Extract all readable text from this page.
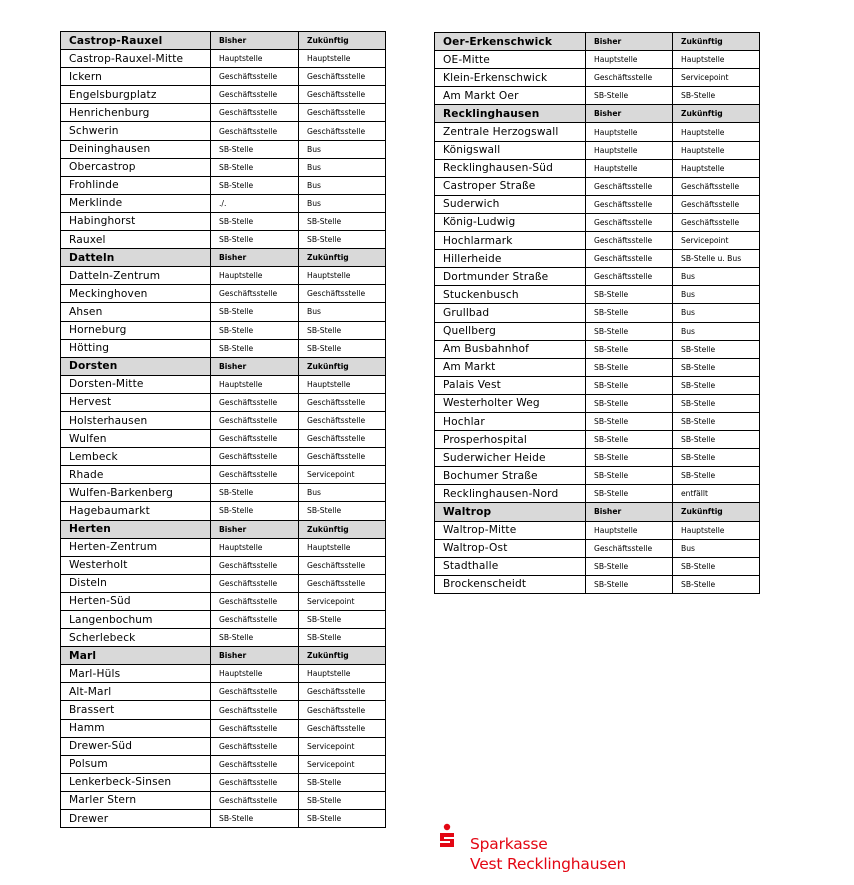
Castrop-Rauxel	Bisher	Zukünftig
Castrop-Rauxel-Mitte	Hauptstelle	Hauptstelle
Ickern	Geschäftsstelle	Geschäftsstelle
Engelsburgplatz	Geschäftsstelle	Geschäftsstelle
Henrichenburg	Geschäftsstelle	Geschäftsstelle
Schwerin	Geschäftsstelle	Geschäftsstelle
Deininghausen	SB-Stelle	Bus
Obercastrop	SB-Stelle	Bus
Frohlinde	SB-Stelle	Bus
Merklinde	./.	Bus
Habinghorst	SB-Stelle	SB-Stelle
Rauxel	SB-Stelle	SB-Stelle
Datteln	Bisher	Zukünftig
Datteln-Zentrum	Hauptstelle	Hauptstelle
Meckinghoven	Geschäftsstelle	Geschäftsstelle
Ahsen	SB-Stelle	Bus
Horneburg	SB-Stelle	SB-Stelle
Hötting	SB-Stelle	SB-Stelle
Dorsten	Bisher	Zukünftig
Dorsten-Mitte	Hauptstelle	Hauptstelle
Hervest	Geschäftsstelle	Geschäftsstelle
Holsterhausen	Geschäftsstelle	Geschäftsstelle
Wulfen	Geschäftsstelle	Geschäftsstelle
Lembeck	Geschäftsstelle	Geschäftsstelle
Rhade	Geschäftsstelle	Servicepoint
Wulfen-Barkenberg	SB-Stelle	Bus
Hagebaumarkt	SB-Stelle	SB-Stelle
Herten	Bisher	Zukünftig
Herten-Zentrum	Hauptstelle	Hauptstelle
Westerholt	Geschäftsstelle	Geschäftsstelle
Disteln	Geschäftsstelle	Geschäftsstelle
Herten-Süd	Geschäftsstelle	Servicepoint
Langenbochum	Geschäftsstelle	SB-Stelle
Scherlebeck	SB-Stelle	SB-Stelle
Marl	Bisher	Zukünftig
Marl-Hüls	Hauptstelle	Hauptstelle
Alt-Marl	Geschäftsstelle	Geschäftsstelle
Brassert	Geschäftsstelle	Geschäftsstelle
Hamm	Geschäftsstelle	Geschäftsstelle
Drewer-Süd	Geschäftsstelle	Servicepoint
Polsum	Geschäftsstelle	Servicepoint
Lenkerbeck-Sinsen	Geschäftsstelle	SB-Stelle
Marler Stern	Geschäftsstelle	SB-Stelle
Drewer	SB-Stelle	SB-Stelle
Oer-Erkenschwick	Bisher	Zukünftig
OE-Mitte	Hauptstelle	Hauptstelle
Klein-Erkenschwick	Geschäftsstelle	Servicepoint
Am Markt Oer	SB-Stelle	SB-Stelle
Recklinghausen	Bisher	Zukünftig
Zentrale Herzogswall	Hauptstelle	Hauptstelle
Königswall	Hauptstelle	Hauptstelle
Recklinghausen-Süd	Hauptstelle	Hauptstelle
Castroper Straße	Geschäftsstelle	Geschäftsstelle
Suderwich	Geschäftsstelle	Geschäftsstelle
König-Ludwig	Geschäftsstelle	Geschäftsstelle
Hochlarmark	Geschäftsstelle	Servicepoint
Hillerheide	Geschäftsstelle	SB-Stelle u. Bus
Dortmunder Straße	Geschäftsstelle	Bus
Stuckenbusch	SB-Stelle	Bus
Grullbad	SB-Stelle	Bus
Quellberg	SB-Stelle	Bus
Am Busbahnhof	SB-Stelle	SB-Stelle
Am Markt	SB-Stelle	SB-Stelle
Palais Vest	SB-Stelle	SB-Stelle
Westerholter Weg	SB-Stelle	SB-Stelle
Hochlar	SB-Stelle	SB-Stelle
Prosperhospital	SB-Stelle	SB-Stelle
Suderwicher Heide	SB-Stelle	SB-Stelle
Bochumer Straße	SB-Stelle	SB-Stelle
Recklinghausen-Nord	SB-Stelle	entfällt
Waltrop	Bisher	Zukünftig
Waltrop-Mitte	Hauptstelle	Hauptstelle
Waltrop-Ost	Geschäftsstelle	Bus
Stadthalle	SB-Stelle	SB-Stelle
Brockenscheidt	SB-Stelle	SB-Stelle
Sparkasse
Vest Recklinghausen
